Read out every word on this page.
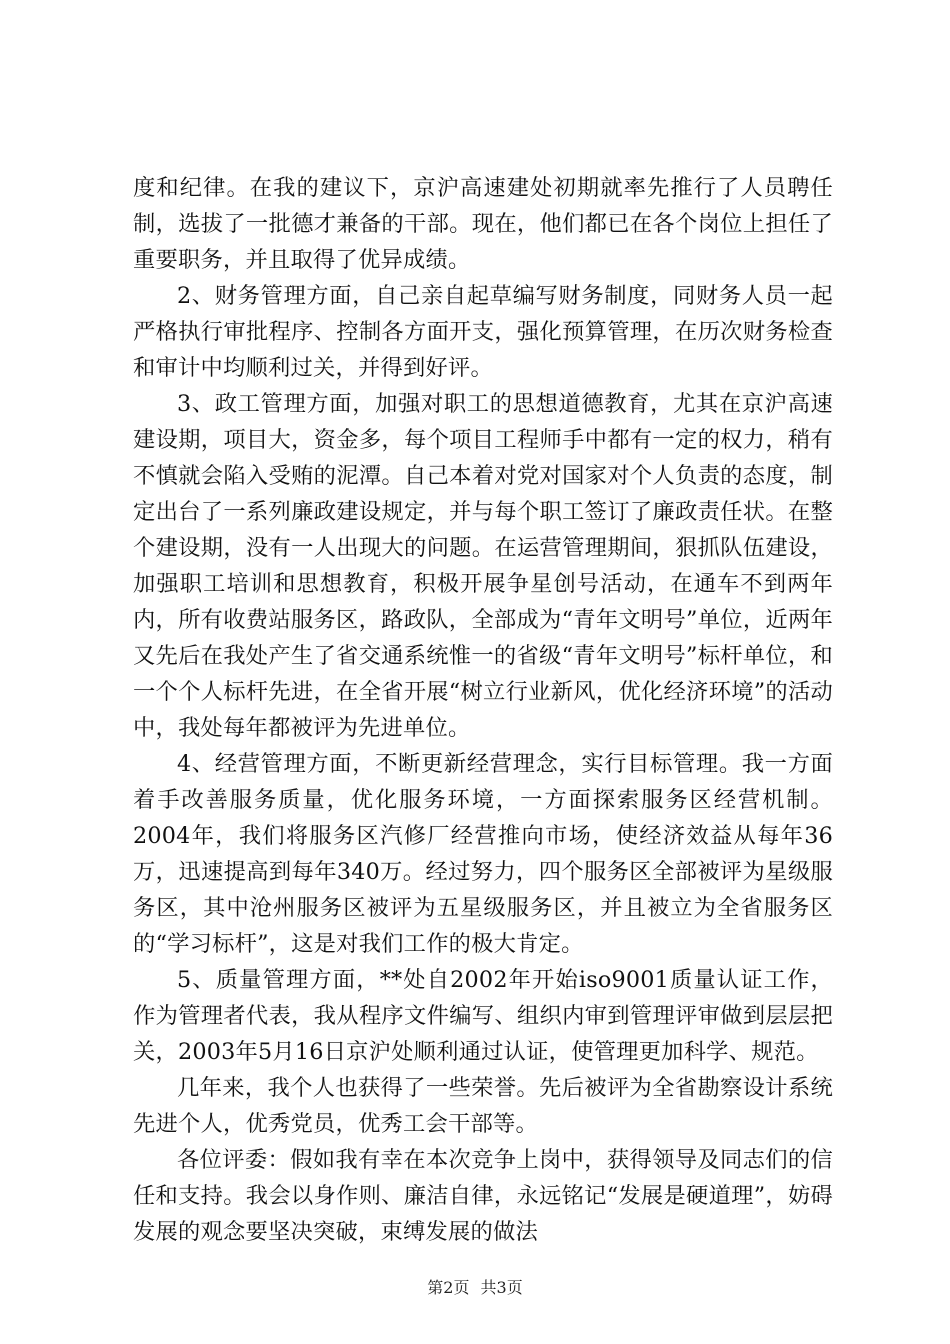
度和纪律。在我的建议下，京沪高速建处初期就率先推行了人员聘任制，选拔了一批德才兼备的干部。现在，他们都已在各个岗位上担任了重要职务，并且取得了优异成绩。

2、财务管理方面，自己亲自起草编写财务制度，同财务人员一起严格执行审批程序、控制各方面开支，强化预算管理，在历次财务检查和审计中均顺利过关，并得到好评。

3、政工管理方面，加强对职工的思想道德教育，尤其在京沪高速建设期，项目大，资金多，每个项目工程师手中都有一定的权力，稍有不慎就会陷入受贿的泥潭。自己本着对党对国家对个人负责的态度，制定出台了一系列廉政建设规定，并与每个职工签订了廉政责任状。在整个建设期，没有一人出现大的问题。在运营管理期间，狠抓队伍建设，加强职工培训和思想教育，积极开展争星创号活动，在通车不到两年内，所有收费站服务区，路政队，全部成为“青年文明号”单位，近两年又先后在我处产生了省交通系统惟一的省级“青年文明号”标杆单位，和一个个人标杆先进，在全省开展“树立行业新风，优化经济环境”的活动中，我处每年都被评为先进单位。

4、经营管理方面，不断更新经营理念，实行目标管理。我一方面着手改善服务质量，优化服务环境，一方面探索服务区经营机制。2004年，我们将服务区汽修厂经营推向市场，使经济效益从每年36万，迅速提高到每年340万。经过努力，四个服务区全部被评为星级服务区，其中沧州服务区被评为五星级服务区，并且被立为全省服务区的“学习标杆”，这是对我们工作的极大肯定。

5、质量管理方面，**处自2002年开始iso9001质量认证工作，作为管理者代表，我从程序文件编写、组织内审到管理评审做到层层把关，2003年5月16日京沪处顺利通过认证，使管理更加科学、规范。

几年来，我个人也获得了一些荣誉。先后被评为全省勘察设计系统先进个人，优秀党员，优秀工会干部等。

各位评委：假如我有幸在本次竞争上岗中，获得领导及同志们的信任和支持。我会以身作则、廉洁自律，永远铭记“发展是硬道理”，妨碍发展的观念要坚决突破，束缚发展的做法

第2页 共3页
